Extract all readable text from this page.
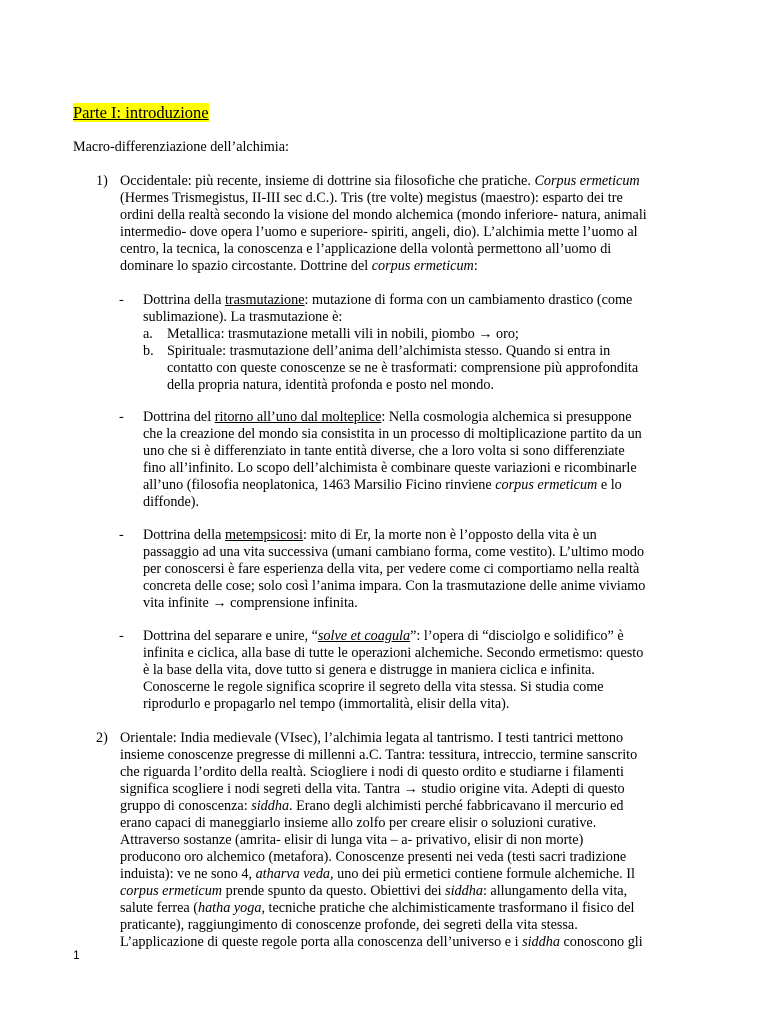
Parte I: introduzione
Macro-differenziazione dell’alchimia:
1) Occidentale: più recente, insieme di dottrine sia filosofiche che pratiche. Corpus ermeticum
(Hermes Trismegistus, II-III sec d.C.). Tris (tre volte) megistus (maestro): esparto dei tre
ordini della realtà secondo la visione del mondo alchemica (mondo inferiore- natura, animali
intermedio- dove opera l’uomo e superiore- spiriti, angeli, dio). L’alchimia mette l’uomo al
centro, la tecnica, la conoscenza e l’applicazione della volontà permettono all’uomo di
dominare lo spazio circostante. Dottrine del corpus ermeticum:
- Dottrina della trasmutazione: mutazione di forma con un cambiamento drastico (come
sublimazione). La trasmutazione è:
a. Metallica: trasmutazione metalli vili in nobili, piombo → oro;
b. Spirituale: trasmutazione dell’anima dell’alchimista stesso. Quando si entra in
contatto con queste conoscenze se ne è trasformati: comprensione più approfondita
della propria natura, identità profonda e posto nel mondo.
- Dottrina del ritorno all’uno dal molteplice: Nella cosmologia alchemica si presuppone
che la creazione del mondo sia consistita in un processo di moltiplicazione partito da un
uno che si è differenziato in tante entità diverse, che a loro volta si sono differenziate
fino all’infinito. Lo scopo dell’alchimista è combinare queste variazioni e ricombinarle
all’uno (filosofia neoplatonica, 1463 Marsilio Ficino rinviene corpus ermeticum e lo
diffonde).
- Dottrina della metempsicosi: mito di Er, la morte non è l’opposto della vita è un
passaggio ad una vita successiva (umani cambiano forma, come vestito). L’ultimo modo
per conoscersi è fare esperienza della vita, per vedere come ci comportiamo nella realtà
concreta delle cose; solo così l’anima impara. Con la trasmutazione delle anime viviamo
vita infinite → comprensione infinita.
- Dottrina del separare e unire, “solve et coagula”: l’opera di “disciolgo e solidifico” è
infinita e ciclica, alla base di tutte le operazioni alchemiche. Secondo ermetismo: questo
è la base della vita, dove tutto si genera e distrugge in maniera ciclica e infinita.
Conoscerne le regole significa scoprire il segreto della vita stessa. Si studia come
riprodurlo e propagarlo nel tempo (immortalità, elisir della vita).
2) Orientale: India medievale (VIsec), l’alchimia legata al tantrismo. I testi tantrici mettono
insieme conoscenze pregresse di millenni a.C. Tantra: tessitura, intreccio, termine sanscrito
che riguarda l’ordito della realtà. Sciogliere i nodi di questo ordito e studiarne i filamenti
significa scogliere i nodi segreti della vita. Tantra → studio origine vita. Adepti di questo
gruppo di conoscenza: siddha. Erano degli alchimisti perché fabbricavano il mercurio ed
erano capaci di maneggiarlo insieme allo zolfo per creare elisir o soluzioni curative.
Attraverso sostanze (amrita- elisir di lunga vita – a- privativo, elisir di non morte)
producono oro alchemico (metafora). Conoscenze presenti nei veda (testi sacri tradizione
induista): ve ne sono 4, atharva veda, uno dei più ermetici contiene formule alchemiche. Il
corpus ermeticum prende spunto da questo. Obiettivi dei siddha: allungamento della vita,
salute ferrea (hatha yoga, tecniche pratiche che alchimisticamente trasformano il fisico del
praticante), raggiungimento di conoscenze profonde, dei segreti della vita stessa.
L’applicazione di queste regole porta alla conoscenza dell’universo e i siddha conoscono gli
1
